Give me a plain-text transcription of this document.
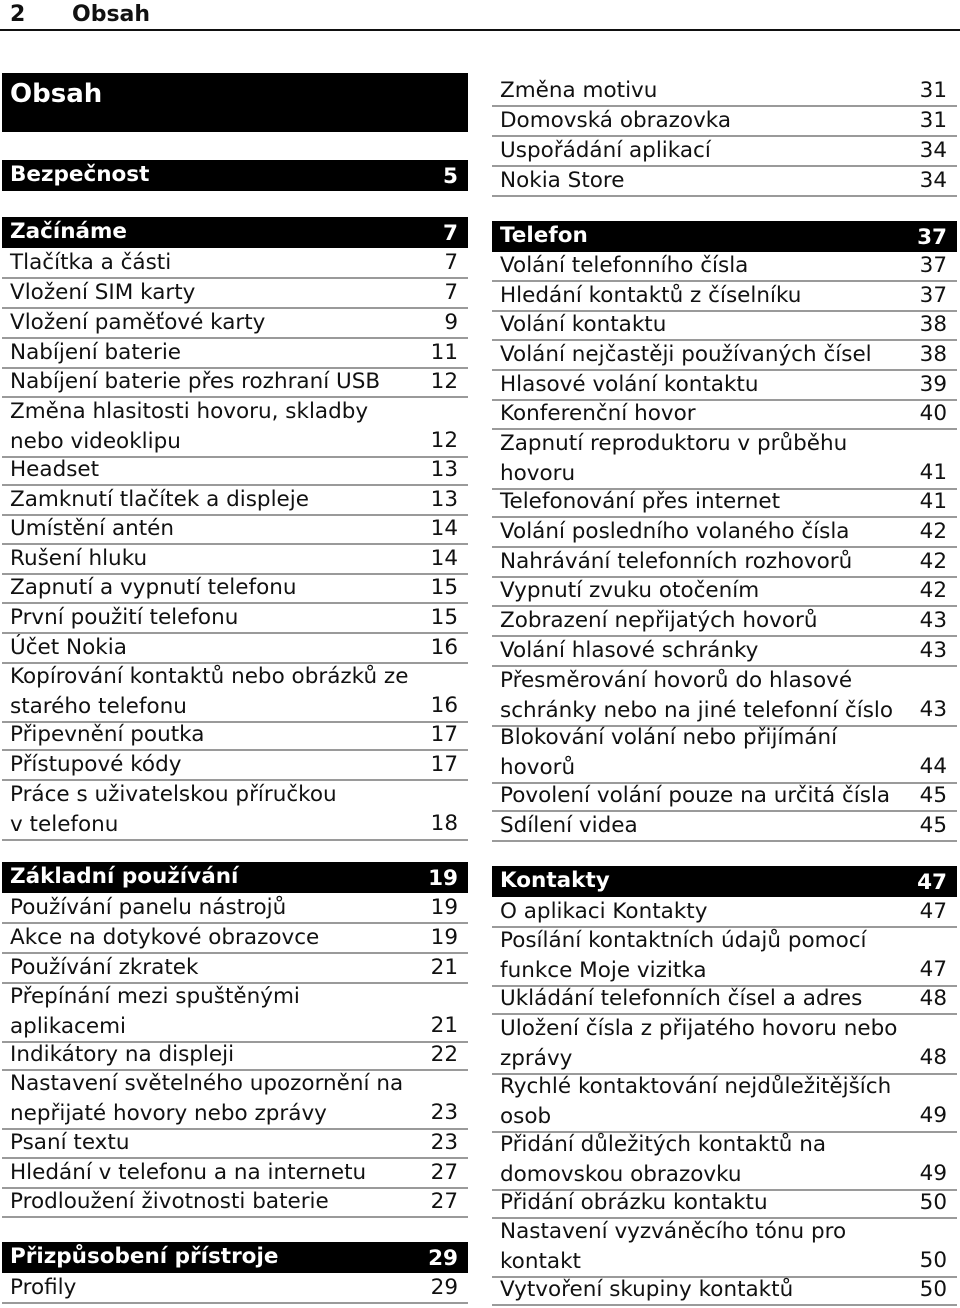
2 Obsah
Obsah
Bezpečnost	5
Začínáme	7
Tlačítka a části	7
Vložení SIM karty	7
Vložení paměťové karty	9
Nabíjení baterie	11
Nabíjení baterie přes rozhraní USB	12
Změna hlasitosti hovoru, skladby
nebo videoklipu	12
Headset	13
Zamknutí tlačítek a displeje	13
Umístění antén	14
Rušení hluku	14
Zapnutí a vypnutí telefonu	15
První použití telefonu	15
Účet Nokia	16
Kopírování kontaktů nebo obrázků ze
starého telefonu	16
Připevnění poutka	17
Přístupové kódy	17
Práce s uživatelskou příručkou
v telefonu	18
Základní používání	19
Používání panelu nástrojů	19
Akce na dotykové obrazovce	19
Používání zkratek	21
Přepínání mezi spuštěnými
aplikacemi	21
Indikátory na displeji	22
Nastavení světelného upozornění na
nepřijaté hovory nebo zprávy	23
Psaní textu	23
Hledání v telefonu a na internetu	27
Prodloužení životnosti baterie	27
Přizpůsobení přístroje	29
Profily	29
Změna motivu	31
Domovská obrazovka	31
Uspořádání aplikací	34
Nokia Store	34
Telefon	37
Volání telefonního čísla	37
Hledání kontaktů z číselníku	37
Volání kontaktu	38
Volání nejčastěji používaných čísel	38
Hlasové volání kontaktu	39
Konferenční hovor	40
Zapnutí reproduktoru v průběhu
hovoru	41
Telefonování přes internet	41
Volání posledního volaného čísla	42
Nahrávání telefonních rozhovorů	42
Vypnutí zvuku otočením	42
Zobrazení nepřijatých hovorů	43
Volání hlasové schránky	43
Přesměrování hovorů do hlasové
schránky nebo na jiné telefonní číslo	43
Blokování volání nebo přijímání
hovorů	44
Povolení volání pouze na určitá čísla	45
Sdílení videa	45
Kontakty	47
O aplikaci Kontakty	47
Posílání kontaktních údajů pomocí
funkce Moje vizitka	47
Ukládání telefonních čísel a adres	48
Uložení čísla z přijatého hovoru nebo
zprávy	48
Rychlé kontaktování nejdůležitějších
osob	49
Přidání důležitých kontaktů na
domovskou obrazovku	49
Přidání obrázku kontaktu	50
Nastavení vyzváněcího tónu pro
kontakt	50
Vytvoření skupiny kontaktů	50
